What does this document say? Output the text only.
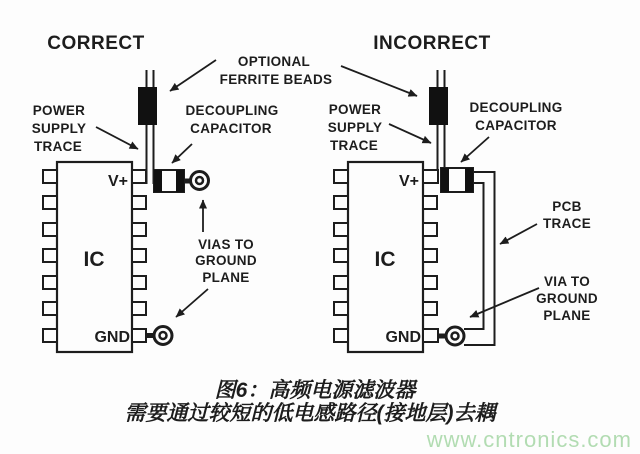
CORRECT	INCORRECT
IC
V+
GND
IC
V+
GND
OPTIONAL
FERRITE BEADS
POWER
SUPPLY
TRACE
DECOUPLING
CAPACITOR
VIAS TO
GROUND
PLANE
POWER
SUPPLY
TRACE
DECOUPLING
CAPACITOR
PCB
TRACE
VIA TO
GROUND
PLANE
图6：高频电源滤波器
需要通过较短的低电感路径(接地层)去耦
www.cntronics.com
